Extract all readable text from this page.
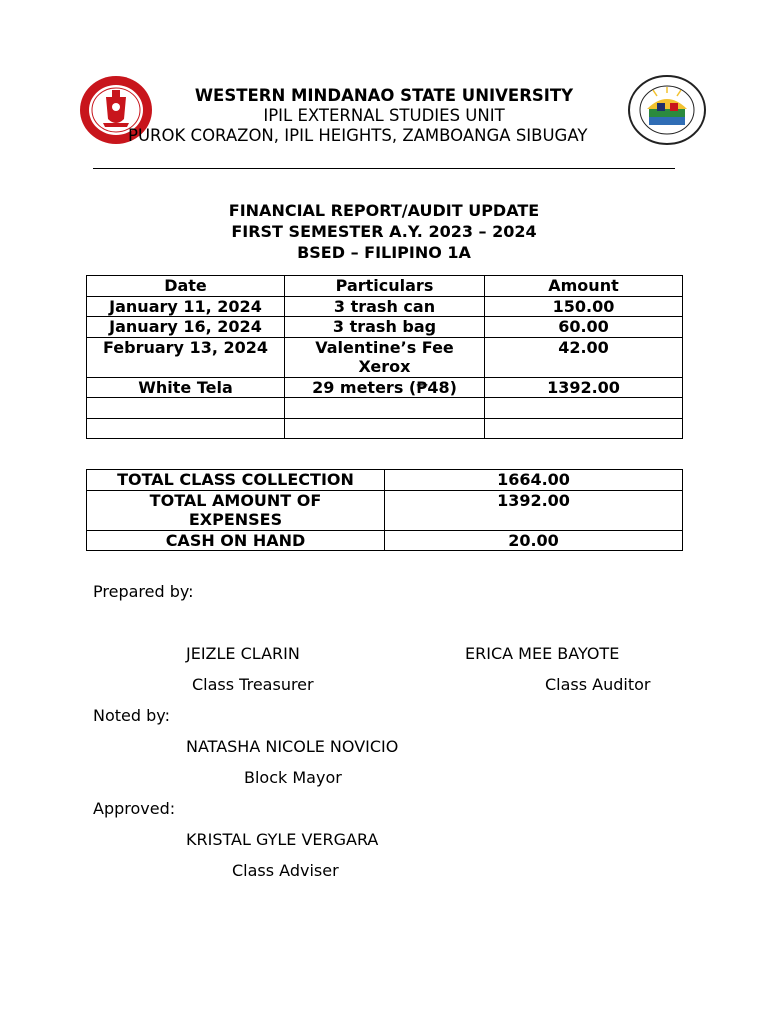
WESTERN MINDANAO STATE UNIVERSITY
IPIL EXTERNAL STUDIES UNIT
PUROK CORAZON, IPIL HEIGHTS, ZAMBOANGA SIBUGAY
FINANCIAL REPORT/AUDIT UPDATE
FIRST SEMESTER A.Y. 2023 – 2024
BSED – FILIPINO 1A
Date	Particulars	Amount
January 11, 2024	3 trash can	150.00
January 16, 2024	3 trash bag	60.00
February 13, 2024	Valentine’s Fee Xerox	42.00
White Tela	29 meters (₱48)	1392.00

TOTAL CLASS COLLECTION	1664.00
TOTAL AMOUNT OF EXPENSES	1392.00
CASH ON HAND	20.00
Prepared by:
JEIZLE CLARIN	ERICA MEE BAYOTE
Class Treasurer	Class Auditor
Noted by:
NATASHA NICOLE NOVICIO
Block Mayor
Approved:
KRISTAL GYLE VERGARA
Class Adviser
